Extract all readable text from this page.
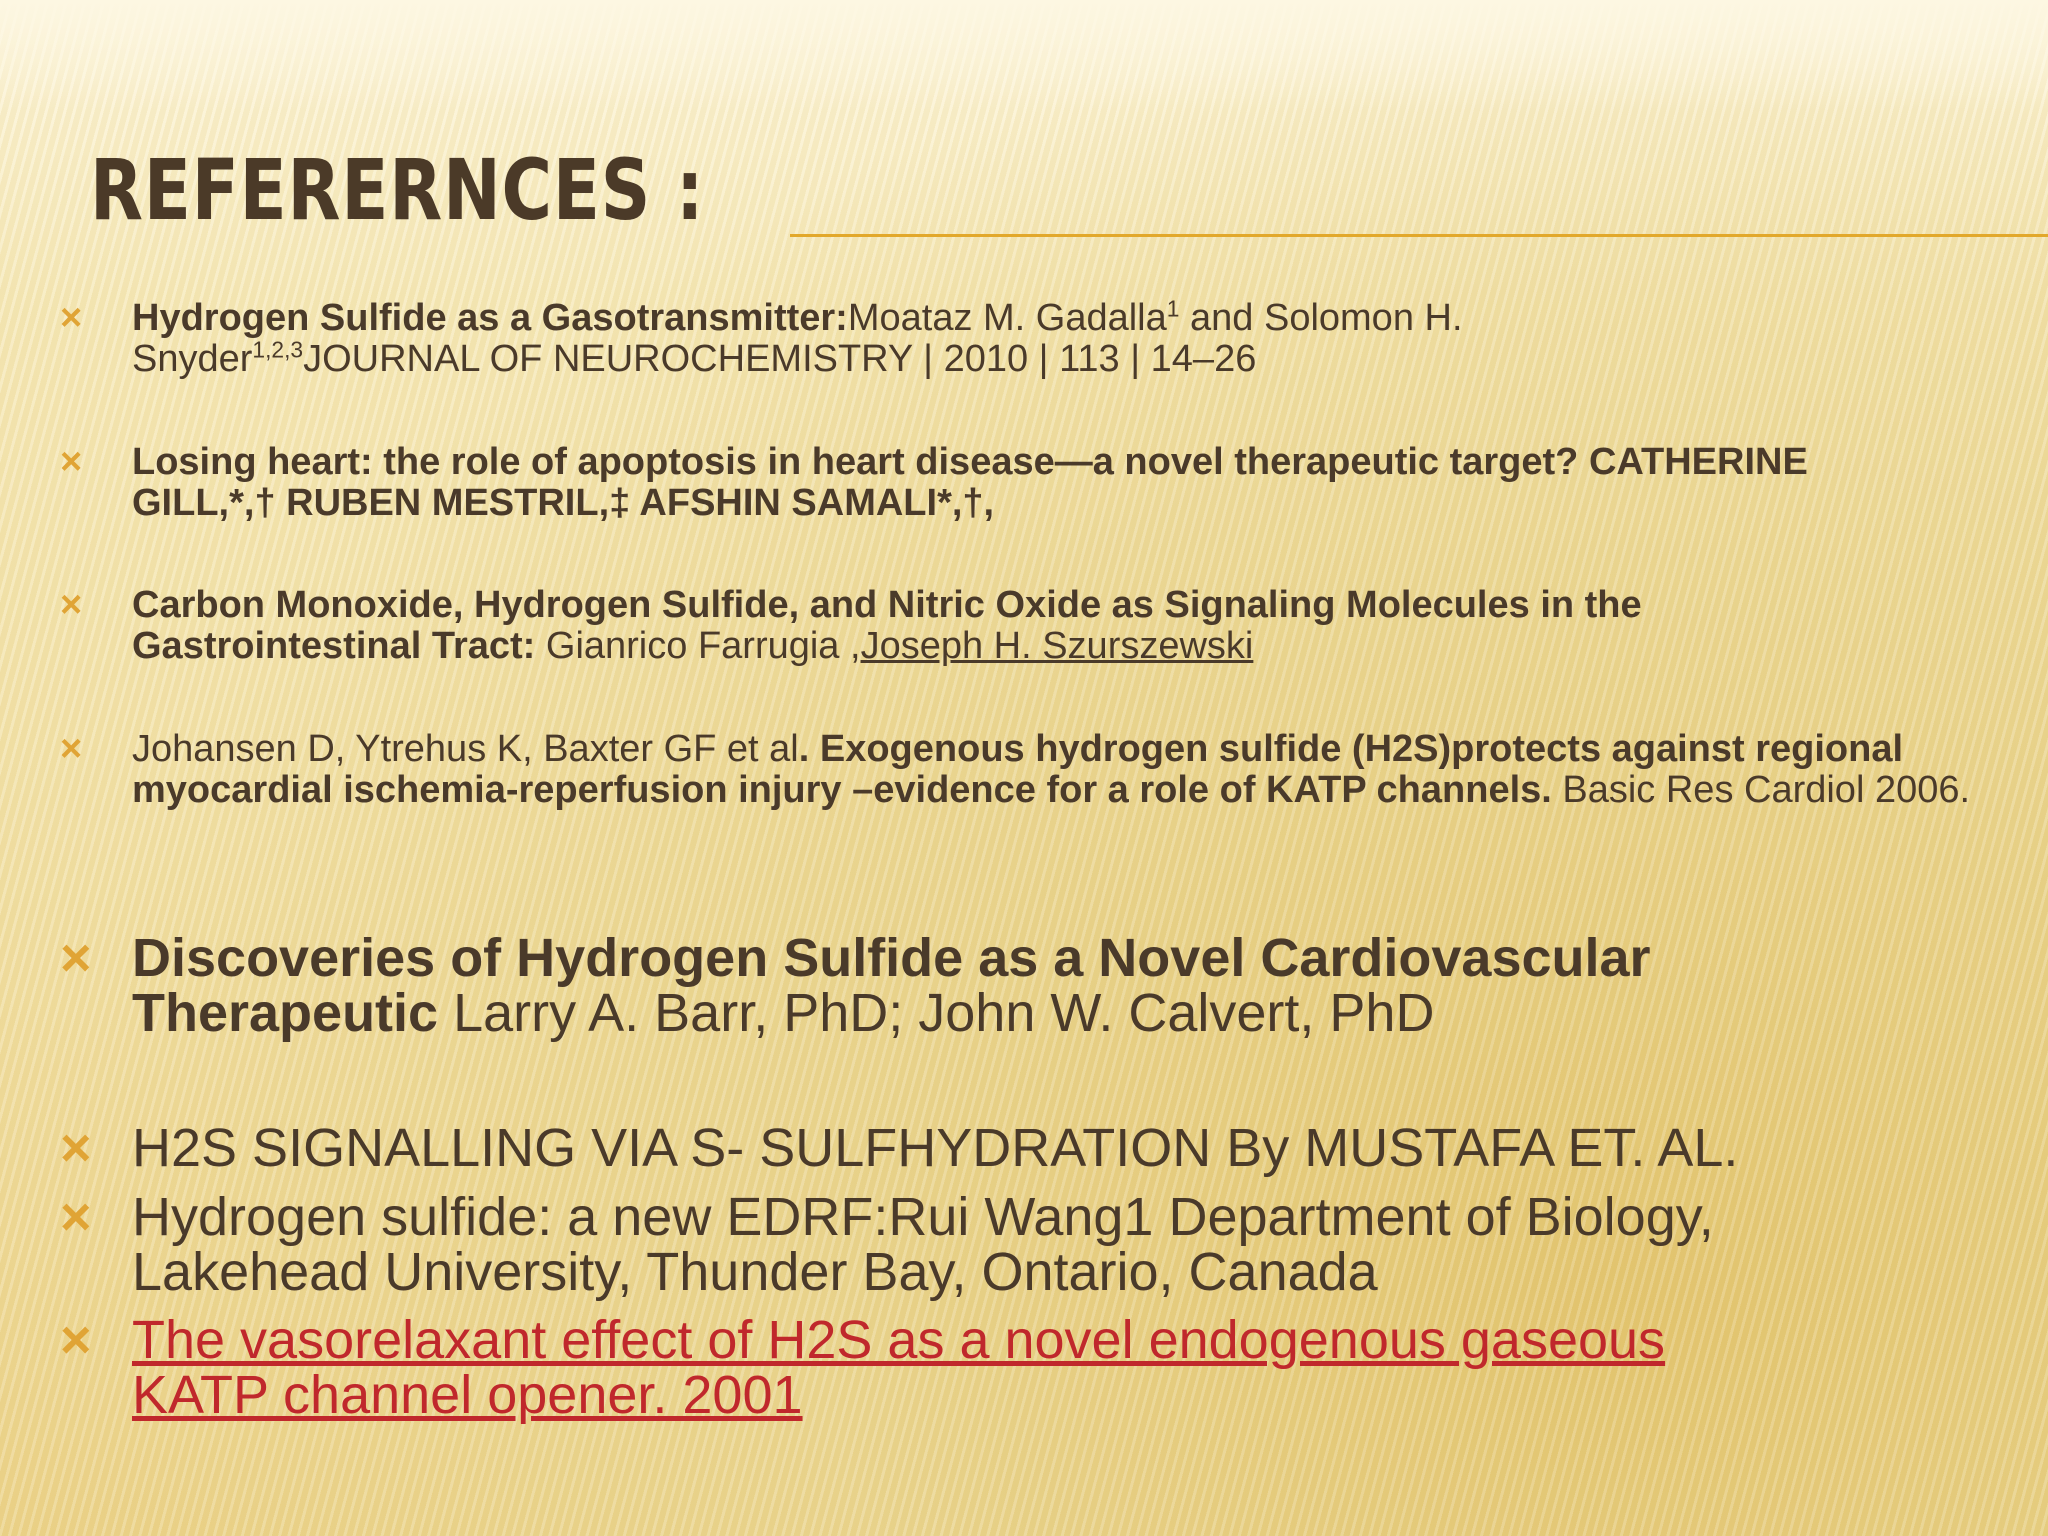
REFERERNCES :
× Hydrogen Sulfide as a Gasotransmitter:Moataz M. Gadalla$^1$ and Solomon H. Snyder$^{1,2,3}$JOURNAL OF NEUROCHEMISTRY | 2010 | 113 | 14–26
× Losing heart: the role of apoptosis in heart disease—a novel therapeutic target? CATHERINE GILL,*,† RUBEN MESTRIL,‡ AFSHIN SAMALI*,†,
× Carbon Monoxide, Hydrogen Sulfide, and Nitric Oxide as Signaling Molecules in the Gastrointestinal Tract: Gianrico Farrugia ,Joseph H. Szurszewski
× Johansen D, Ytrehus K, Baxter GF et al. Exogenous hydrogen sulfide (H2S)protects against regional myocardial ischemia-reperfusion injury –evidence for a role of KATP channels. Basic Res Cardiol 2006.
× Discoveries of Hydrogen Sulfide as a Novel Cardiovascular Therapeutic Larry A. Barr, PhD; John W. Calvert, PhD
× H2S SIGNALLING VIA S- SULFHYDRATION By MUSTAFA ET. AL.
× Hydrogen sulfide: a new EDRF:Rui Wang1 Department of Biology, Lakehead University, Thunder Bay, Ontario, Canada
× The vasorelaxant effect of H2S as a novel endogenous gaseous KATP channel opener. 2001
